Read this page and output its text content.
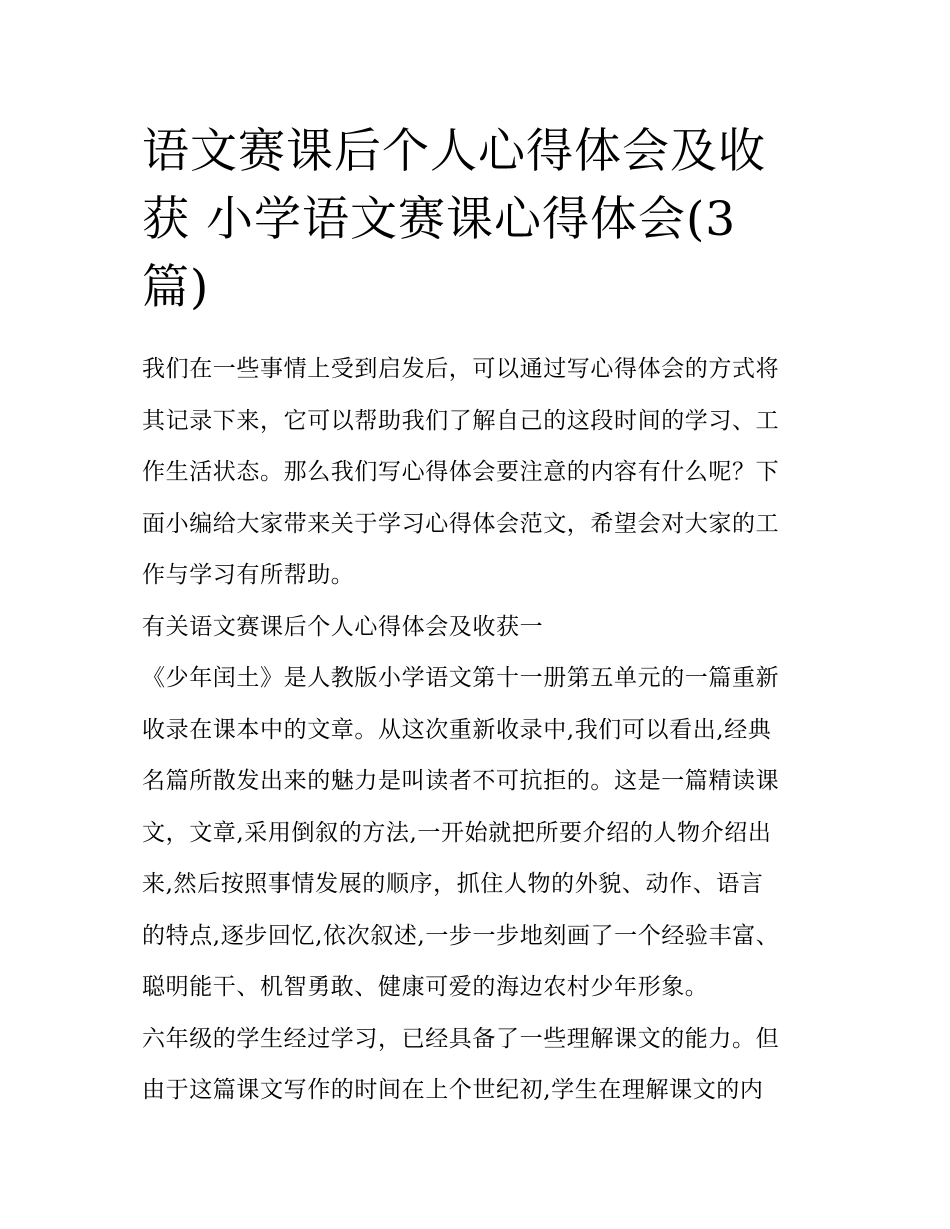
语文赛课后个人心得体会及收
获 小学语文赛课心得体会(3
篇)
我们在一些事情上受到启发后，可以通过写心得体会的方式将
其记录下来，它可以帮助我们了解自己的这段时间的学习、工
作生活状态。那么我们写心得体会要注意的内容有什么呢？下
面小编给大家带来关于学习心得体会范文，希望会对大家的工
作与学习有所帮助。
有关语文赛课后个人心得体会及收获一
《少年闰土》是人教版小学语文第十一册第五单元的一篇重新
收录在课本中的文章。从这次重新收录中,我们可以看出,经典
名篇所散发出来的魅力是叫读者不可抗拒的。这是一篇精读课
文，文章,采用倒叙的方法,一开始就把所要介绍的人物介绍出
来,然后按照事情发展的顺序，抓住人物的外貌、动作、语言
的特点,逐步回忆,依次叙述,一步一步地刻画了一个经验丰富、
聪明能干、机智勇敢、健康可爱的海边农村少年形象。
六年级的学生经过学习，已经具备了一些理解课文的能力。但
由于这篇课文写作的时间在上个世纪初,学生在理解课文的内
